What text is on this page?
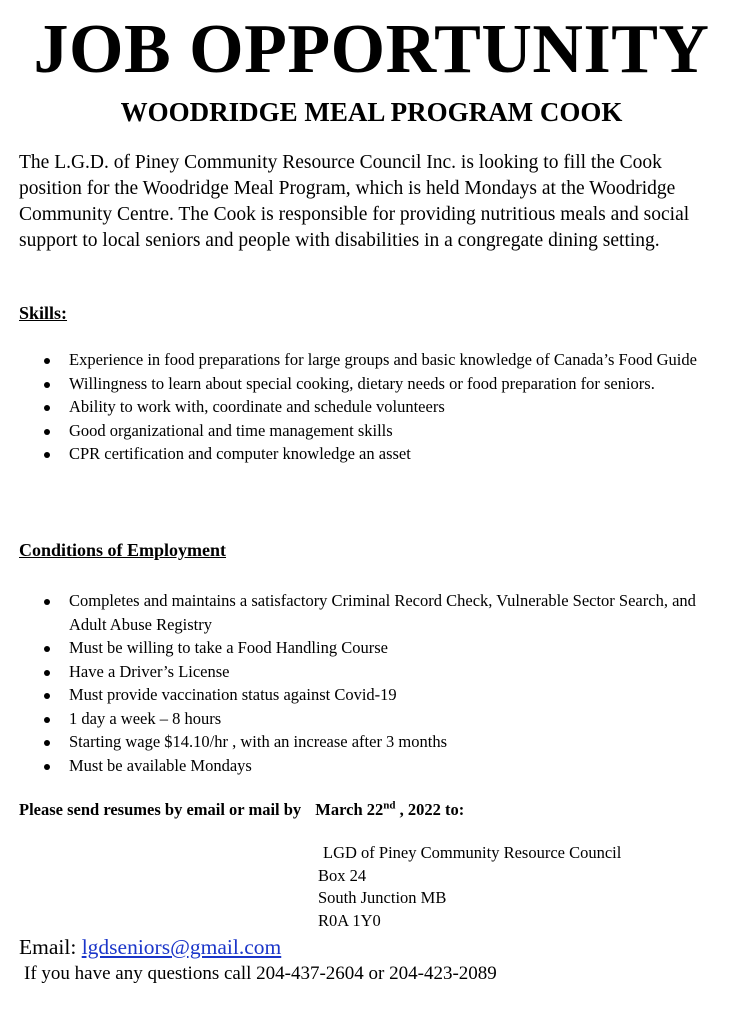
JOB OPPORTUNITY
WOODRIDGE MEAL PROGRAM COOK

The L.G.D. of Piney Community Resource Council Inc. is looking to fill the Cook position for the Woodridge Meal Program, which is held Mondays at the Woodridge Community Centre. The Cook is responsible for providing nutritious meals and social support to local seniors and people with disabilities in a congregate dining setting.

Skills:

Experience in food preparations for large groups and basic knowledge of Canada’s Food Guide
Willingness to learn about special cooking, dietary needs or food preparation for seniors.
Ability to work with, coordinate and schedule volunteers
Good organizational and time management skills
CPR certification and computer knowledge an asset

Conditions of Employment

Completes and maintains a satisfactory Criminal Record Check, Vulnerable Sector Search, and Adult Abuse Registry
Must be willing to take a Food Handling Course
Have a Driver’s License
Must provide vaccination status against Covid-19
1 day a week – 8 hours
Starting wage $14.10/hr , with an increase after 3 months
Must be available Mondays
Please send resumes by email or mail by March 22nd , 2022 to:
LGD of Piney Community Resource Council
Box 24
South Junction MB
R0A 1Y0
Email: lgdseniors@gmail.com
If you have any questions call 204-437-2604 or 204-423-2089
